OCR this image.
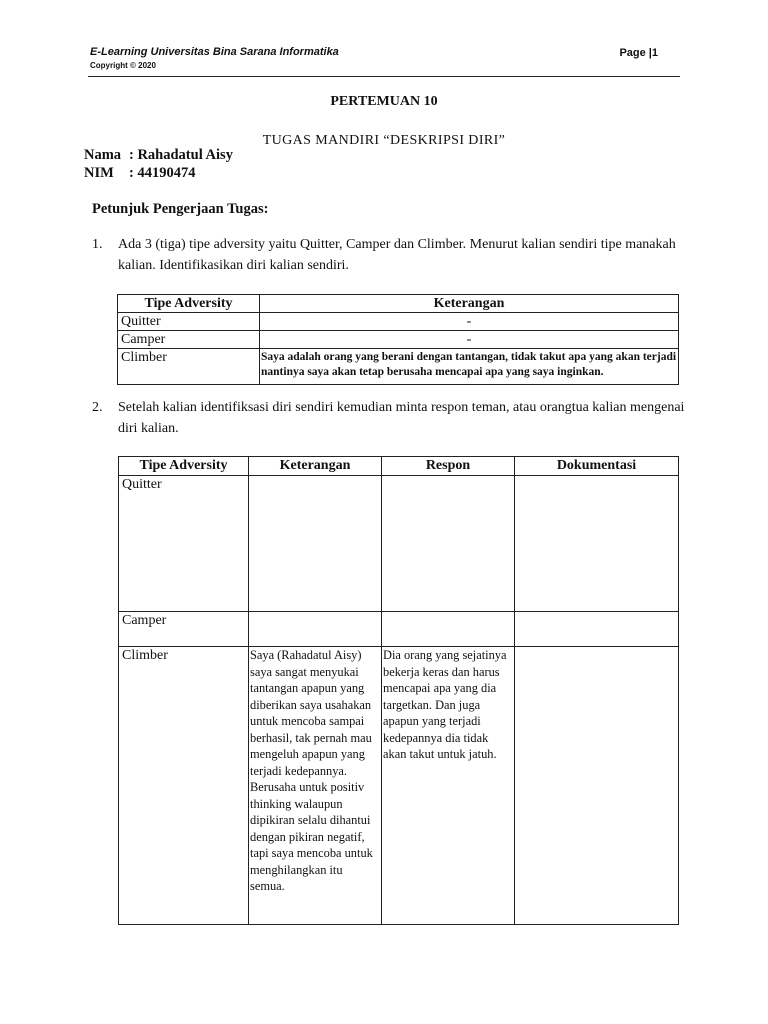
E-Learning Universitas Bina Sarana Informatika
Copyright © 2020
Page |1
PERTEMUAN 10
TUGAS MANDIRI “DESKRIPSI DIRI”
Nama : Rahadatul Aisy
NIM : 44190474
Petunjuk Pengerjaan Tugas:
1. Ada 3 (tiga) tipe adversity yaitu Quitter, Camper dan Climber. Menurut kalian sendiri tipe manakah kalian. Identifikasikan diri kalian sendiri.
Tipe Adversity	Keterangan
Quitter	-
Camper	-
Climber	Saya adalah orang yang berani dengan tantangan, tidak takut apa yang akan terjadi nantinya saya akan tetap berusaha mencapai apa yang saya inginkan.
2. Setelah kalian identifiksasi diri sendiri kemudian minta respon teman, atau orangtua kalian mengenai diri kalian.
Tipe Adversity	Keterangan	Respon	Dokumentasi
Quitter			
Camper			
Climber	Saya (Rahadatul Aisy) saya sangat menyukai tantangan apapun yang diberikan saya usahakan untuk mencoba sampai berhasil, tak pernah mau mengeluh apapun yang terjadi kedepannya. Berusaha untuk positiv thinking walaupun dipikiran selalu dihantui dengan pikiran negatif, tapi saya mencoba untuk menghilangkan itu semua.	Dia orang yang sejatinya bekerja keras dan harus mencapai apa yang dia targetkan. Dan juga apapun yang terjadi kedepannya dia tidak akan takut untuk jatuh.	
